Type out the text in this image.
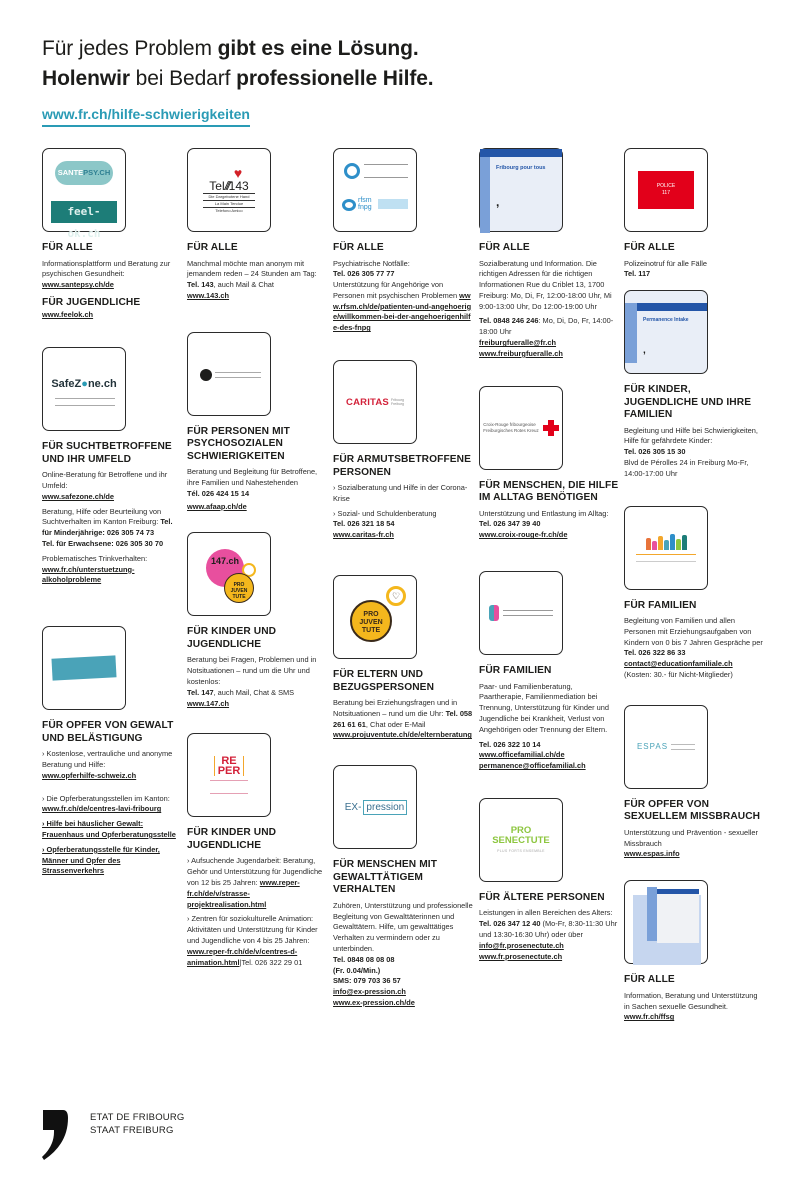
Für jedes Problem gibt es eine Lösung.
Holenwir bei Bedarf professionelle Hilfe.
www.fr.ch/hilfe-schwierigkeiten
SANTEPSY.CH
feel-ok.ch
FÜR ALLE
Informationsplattform und Beratung zur psychischen Gesundheit:
www.santepsy.ch/de
FÜR JUGENDLICHE
www.feelok.ch
SafeZ●ne.ch
FÜR SUCHTBETROFFENE UND IHR UMFELD
Online-Beratung für Betroffene und ihr Umfeld:
www.safezone.ch/de
Beratung, Hilfe oder Beurteilung von Suchtverhalten im Kanton Freiburg: Tel. für Minderjährige: 026 305 74 73
Tel. für Erwachsene: 026 305 30 70
Problematisches Trinkverhalten:
www.fr.ch/unterstuetzung-alkoholprobleme
FÜR OPFER VON GEWALT UND BELÄSTIGUNG
› Kostenlose, vertrauliche und anonyme Beratung und Hilfe:
www.opferhilfe-schweiz.ch
› Die Opferberatungsstellen im Kanton: www.fr.ch/de/centres-lavi-fribourg
› Hilfe bei häuslicher Gewalt: Frauenhaus und Opferberatungsstelle
› Opferberatungsstelle für Kinder, Männer und Opfer des Strassenverkehrs
♥
Tel///143
Die Dargebotene Hand
La Main Tendue
Telefono Amico
FÜR ALLE
Manchmal möchte man anonym mit jemandem reden – 24 Stunden am Tag:
Tel. 143, auch Mail & Chat
www.143.ch
FÜR PERSONEN MIT PSYCHOSOZIALEN SCHWIERIGKEITEN
Beratung und Begleitung für Betroffene, ihre Familien und Nahestehenden
Tél. 026 424 15 14
www.afaap.ch/de
147.ch
PRO JUVEN TUTE
FÜR KINDER UND JUGENDLICHE
Beratung bei Fragen, Problemen und in Notsituationen – rund um die Uhr und kostenlos:
Tel. 147, auch Mail, Chat & SMS
www.147.ch
RE
PER
FÜR KINDER UND JUGENDLICHE
› Aufsuchende Jugendarbeit: Beratung, Gehör und Unterstützung für Jugendliche von 12 bis 25 Jahren: www.reper-fr.ch/de/v/strasse-projektrealisation.html
› Zentren für soziokulturelle Animation: Aktivitäten und Unterstützung für Kinder und Jugendliche von 4 bis 25 Jahren: www.reper-fr.ch/de/v/centres-d-animation.html|Tel. 026 322 29 01
rfsm
fnpg
FÜR ALLE
Psychiatrische Notfälle:
Tel. 026 305 77 77
Unterstützung für Angehörige von Personen mit psychischen Problemen www.rfsm.ch/de/patienten-und-angehoerige/willkommen-bei-der-angehoerigenhilfe-des-fnpg
CARITAS Fribourg
Freiburg
FÜR ARMUTSBETROFFENE PERSONEN
› Sozialberatung und Hilfe in der Corona-Krise
› Sozial- und Schuldenberatung
Tel. 026 321 18 54
www.caritas-fr.ch
♡
PRO
JUVEN
TUTE
FÜR ELTERN UND BEZUGSPERSONEN
Beratung bei Erziehungsfragen und in Notsituationen – rund um die Uhr: Tel. 058 261 61 61, Chat oder E-Mail www.projuventute.ch/de/elternberatung
EX- pression
FÜR MENSCHEN MIT GEWALTTÄTIGEM VERHALTEN
Zuhören, Unterstützung und professionelle Begleitung von Gewalttäterinnen und Gewalttätern. Hilfe, um gewalttätiges Verhalten zu vermindern oder zu unterbinden.
Tel. 0848 08 08 08
(Fr. 0.04/Min.)
SMS: 079 703 36 57
info@ex-pression.ch
www.ex-pression.ch/de
Fribourg pour tous
,
FÜR ALLE
Sozialberatung und Information. Die richtigen Adressen für die richtigen Informationen Rue du Criblet 13, 1700 Freiburg: Mo, Di, Fr, 12:00-18:00 Uhr, Mi 9:00-13:00 Uhr, Do 12:00-19:00 Uhr
Tel. 0848 246 246: Mo, Di, Do, Fr, 14:00-18:00 Uhr
freiburgfueralle@fr.ch
www.freiburgfueralle.ch
Croix-Rouge fribourgeoise
Freiburgisches Rotes Kreuz
FÜR MENSCHEN, DIE HILFE IM ALLTAG BENÖTIGEN
Unterstützung und Entlastung im Alltag: Tel. 026 347 39 40
www.croix-rouge-fr.ch/de
FÜR FAMILIEN
Paar- und Familienberatung, Paartherapie, Familienmediation bei Trennung, Unterstützung für Kinder und Jugendliche bei Krankheit, Verlust von Angehörigen oder Trennung der Eltern.
Tel. 026 322 10 14
www.officefamilial.ch/de
permanence@officefamilial.ch
PRO
SENECTUTE
PLUS FORTS ENSEMBLE
FÜR ÄLTERE PERSONEN
Leistungen in allen Bereichen des Alters: Tel. 026 347 12 40 (Mo-Fr, 8:30-11:30 Uhr und 13:30-16:30 Uhr) oder über
info@fr.prosenectute.ch
www.fr.prosenectute.ch
POLICE
117
FÜR ALLE
Polizeinotruf für alle Fälle
Tel. 117
Permanence Intake
,
FÜR KINDER, JUGENDLICHE UND IHRE FAMILIEN
Begleitung und Hilfe bei Schwierigkeiten, Hilfe für gefährdete Kinder:
Tel. 026 305 15 30
Blvd de Pérolles 24 in Freiburg Mo-Fr, 14:00-17:00 Uhr
FÜR FAMILIEN
Begleitung von Familien und allen Personen mit Erziehungsaufgaben von Kindern von 0 bis 7 Jahren Gespräche per Tel. 026 322 86 33
contact@educationfamiliale.ch
(Kosten: 30.- für Nicht-Mitglieder)
ESPAS
FÜR OPFER VON SEXUELLEM MISSBRAUCH
Unterstützung und Prävention - sexueller Missbrauch
www.espas.info
FÜR ALLE
Information, Beratung und Unterstützung in Sachen sexuelle Gesundheit.
www.fr.ch/ffsg
ETAT DE FRIBOURG
STAAT FREIBURG
